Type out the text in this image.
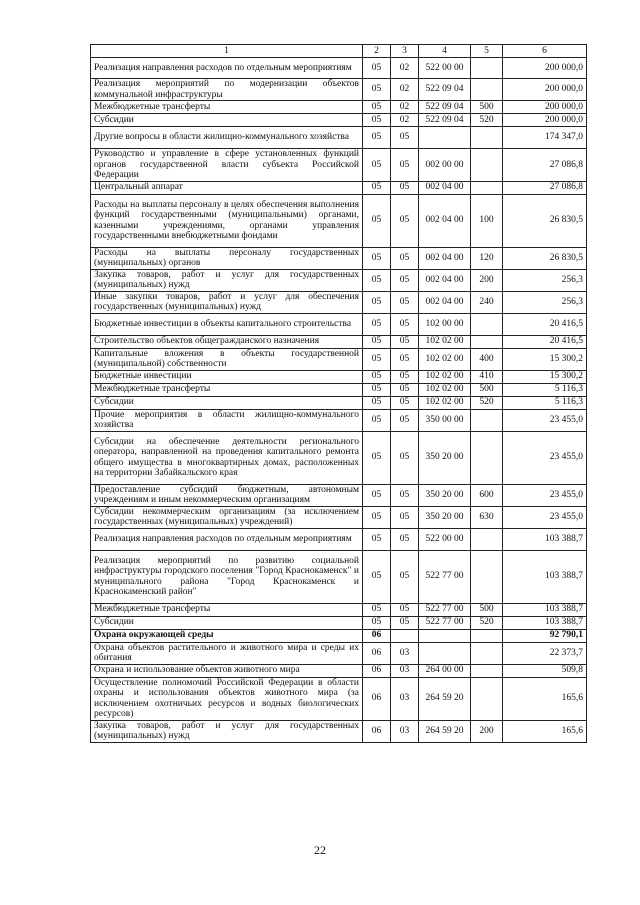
1	2	3	4	5	6
Реализация направления расходов по отдельным мероприятиям	05	02	522 00 00		200 000,0
Реализация мероприятий по модернизации объектов коммунальной инфраструктуры	05	02	522 09 04		200 000,0
Межбюджетные трансферты	05	02	522 09 04	500	200 000,0
Субсидии	05	02	522 09 04	520	200 000,0
Другие вопросы в области жилищно-коммунального хозяйства	05	05			174 347,0
Руководство и управление в сфере установленных функций органов государственной власти субъекта Российской Федерации	05	05	002 00 00		27 086,8
Центральный аппарат	05	05	002 04 00		27 086,8
Расходы на выплаты персоналу в целях обеспечения выполнения функций государственными (муниципальными) органами, казенными учреждениями, органами управления государственными внебюджетными фондами	05	05	002 04 00	100	26 830,5
Расходы на выплаты персоналу государственных (муниципальных) органов	05	05	002 04 00	120	26 830,5
Закупка товаров, работ и услуг для государственных (муниципальных) нужд	05	05	002 04 00	200	256,3
Иные закупки товаров, работ и услуг для обеспечения государственных (муниципальных) нужд	05	05	002 04 00	240	256,3
Бюджетные инвестиции в объекты капитального строительства	05	05	102 00 00		20 416,5
Строительство объектов общегражданского назначения	05	05	102 02 00		20 416,5
Капитальные вложения в объекты государственной (муниципальной) собственности	05	05	102 02 00	400	15 300,2
Бюджетные инвестиции	05	05	102 02 00	410	15 300,2
Межбюджетные трансферты	05	05	102 02 00	500	5 116,3
Субсидии	05	05	102 02 00	520	5 116,3
Прочие мероприятия в области жилищно-коммунального хозяйства	05	05	350 00 00		23 455,0
Субсидии на обеспечение деятельности регионального оператора, направленной на проведения капитального ремонта общего имущества в многоквартирных домах, расположенных на территории Забайкальского края	05	05	350 20 00		23 455,0
Предоставление субсидий бюджетным, автономным учреждениям и иным некоммерческим организациям	05	05	350 20 00	600	23 455,0
Субсидии некоммерческим организациям (за исключением государственных (муниципальных) учреждений)	05	05	350 20 00	630	23 455,0
Реализация направления расходов по отдельным мероприятиям	05	05	522 00 00		103 388,7
Реализация мероприятий по развитию социальной инфраструктуры городского поселения "Город Краснокаменск" и муниципального района "Город Краснокаменск и Краснокаменский район"	05	05	522 77 00		103 388,7
Межбюджетные трансферты	05	05	522 77 00	500	103 388,7
Субсидии	05	05	522 77 00	520	103 388,7
Охрана окружающей среды	06				92 790,1
Охрана объектов растительного и животного мира и среды их обитания	06	03			22 373,7
Охрана и использование объектов животного мира	06	03	264 00 00		509,8
Осуществление полномочий Российской Федерации в области охраны и использования объектов животного мира (за исключением охотничьих ресурсов и водных биологических ресурсов)	06	03	264 59 20		165,6
Закупка товаров, работ и услуг для государственных (муниципальных) нужд	06	03	264 59 20	200	165,6
22
